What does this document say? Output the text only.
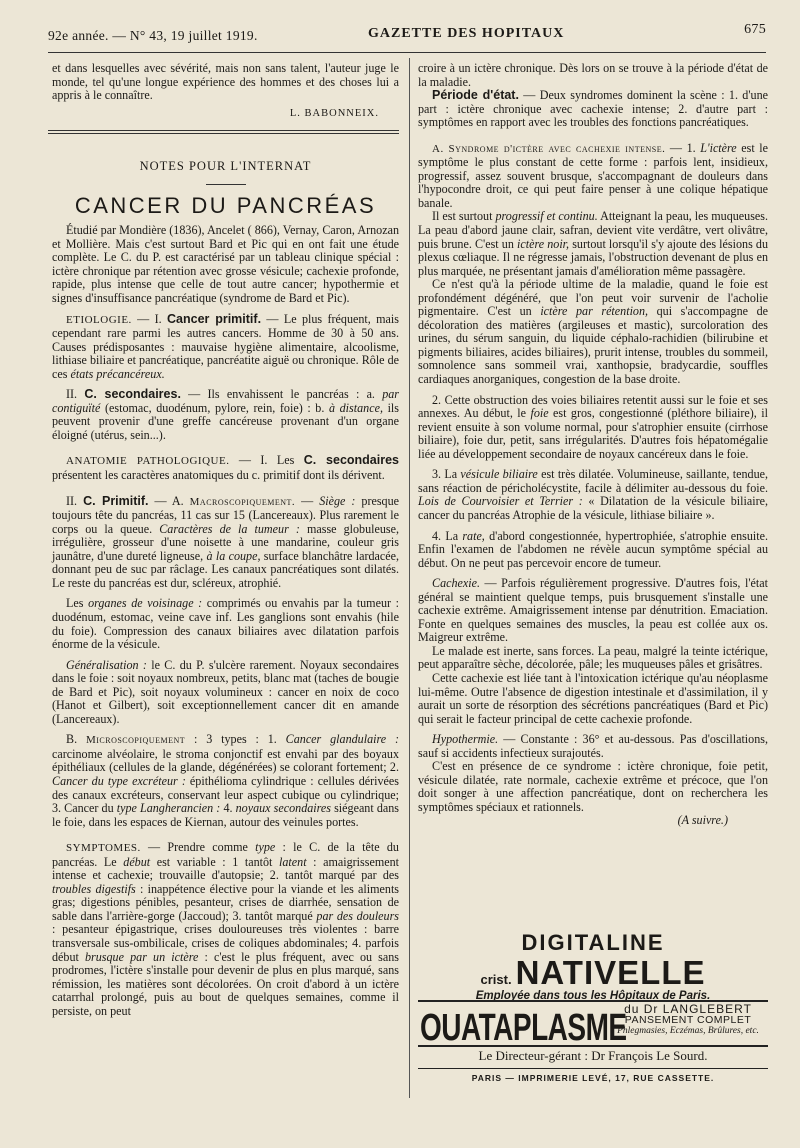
92e année. — N° 43, 19 juillet 1919.	GAZETTE DES HOPITAUX	675

et dans lesquelles avec sévérité, mais non sans talent, l'auteur juge le monde, tel qu'une longue expérience des hommes et des choses lui a appris à le connaître.

L. BABONNEIX.
NOTES POUR L'INTERNAT
CANCER DU PANCRÉAS

Étudié par Mondière (1836), Ancelet ( 866), Vernay, Caron, Arnozan et Mollière. Mais c'est surtout Bard et Pic qui en ont fait une étude complète. Le C. du P. est caractérisé par un tableau clinique spécial : ictère chronique par rétention avec grosse vésicule; cachexie profonde, rapide, plus intense que celle de tout autre cancer; hypothermie et signes d'insuffisance pancréatique (syndrome de Bard et Pic).

ETIOLOGIE. — I. Cancer primitif. — Le plus fréquent, mais cependant rare parmi les autres cancers. Homme de 30 à 50 ans. Causes prédisposantes : mauvaise hygiène alimentaire, alcoolisme, lithiase biliaire et pancréatique, pancréatite aiguë ou chronique. Rôle de ces états précancéreux.

II. C. secondaires. — Ils envahissent le pancréas : a. par contiguïté (estomac, duodénum, pylore, rein, foie) : b. à distance, ils peuvent provenir d'une greffe cancéreuse provenant d'un organe éloigné (utérus, sein...).

ANATOMIE PATHOLOGIQUE. — I. Les C. secondaires présentent les caractères anatomiques du c. primitif dont ils dérivent.

II. C. Primitif. — A. Macroscopiquement. — Siège : presque toujours tête du pancréas, 11 cas sur 15 (Lancereaux). Plus rarement le corps ou la queue. Caractères de la tumeur : masse globuleuse, irrégulière, grosseur d'une noisette à une mandarine, couleur gris jaunâtre, d'une dureté ligneuse, à la coupe, surface blanchâtre lardacée, donnant peu de suc par râclage. Les canaux pancréatiques sont dilatés. Le reste du pancréas est dur, scléreux, atrophié.

Les organes de voisinage : comprimés ou envahis par la tumeur : duodénum, estomac, veine cave inf. Les ganglions sont envahis (hile du foie). Compression des canaux biliaires avec dilatation parfois énorme de la vésicule.

Généralisation : le C. du P. s'ulcère rarement. Noyaux secondaires dans le foie : soit noyaux nombreux, petits, blanc mat (taches de bougie de Bard et Pic), soit noyaux volumineux : cancer en noix de coco (Hanot et Gilbert), soit exceptionnellement cancer dit en amande (Lancereaux).

B. Microscopiquement : 3 types : 1. Cancer glandulaire : carcinome alvéolaire, le stroma conjonctif est envahi par des boyaux épithéliaux (cellules de la glande, dégénérées) se colorant fortement; 2. Cancer du type excréteur : épithélioma cylindrique : cellules dérivées des canaux excréteurs, conservant leur aspect cubique ou cylindrique; 3. Cancer du type Langherancien : 4. noyaux secondaires siégeant dans le foie, dans les espaces de Kiernan, autour des veinules portes.

SYMPTOMES. — Prendre comme type : le C. de la tête du pancréas. Le début est variable : 1 tantôt latent : amaigrissement intense et cachexie; trouvaille d'autopsie; 2. tantôt marqué par des troubles digestifs : inappétence élective pour la viande et les aliments gras; digestions pénibles, pesanteur, crises de diarrhée, sensation de sable dans l'arrière-gorge (Jaccoud); 3. tantôt marqué par des douleurs : pesanteur épigastrique, crises douloureuses très violentes : barre transversale sus-ombilicale, crises de coliques abdominales; 4. parfois début brusque par un ictère : c'est le plus fréquent, avec ou sans prodromes, l'ictère s'installe pour devenir de plus en plus marqué, sans rémission, les matières sont décolorées. On croit d'abord à un ictère catarrhal prolongé, puis au bout de quelques semaines, comme il persiste, on peut

croire à un ictère chronique. Dès lors on se trouve à la période d'état de la maladie.

Période d'état. — Deux syndromes dominent la scène : 1. d'une part : ictère chronique avec cachexie intense; 2. d'autre part : symptômes en rapport avec les troubles des fonctions pancréatiques.

A. Syndrome d'ictère avec cachexie intense. — 1. L'ictère est le symptôme le plus constant de cette forme : parfois lent, insidieux, progressif, assez souvent brusque, s'accompagnant de douleurs dans l'hypocondre droit, ce qui peut faire penser à une colique hépatique banale.

Il est surtout progressif et continu. Atteignant la peau, les muqueuses. La peau d'abord jaune clair, safran, devient vite verdâtre, vert olivâtre, puis brune. C'est un ictère noir, surtout lorsqu'il s'y ajoute des lésions du plexus cœliaque. Il ne régresse jamais, l'obstruction devenant de plus en plus marquée, ne présentant jamais d'amélioration même passagère.

Ce n'est qu'à la période ultime de la maladie, quand le foie est profondément dégénéré, que l'on peut voir survenir de l'acholie pigmentaire. C'est un ictère par rétention, qui s'accompagne de décoloration des matières (argileuses et mastic), surcoloration des urines, du sérum sanguin, du liquide céphalo-rachidien (bilirubine et pigments biliaires, acides biliaires), prurit intense, troubles du sommeil, somnolence sans sommeil vrai, xanthopsie, bradycardie, souffles cardiaques anorganiques, congestion de la base droite.

2. Cette obstruction des voies biliaires retentit aussi sur le foie et ses annexes. Au début, le foie est gros, congestionné (pléthore biliaire), il revient ensuite à son volume normal, pour s'atrophier ensuite (cirrhose biliaire), foie dur, petit, sans irrégularités. D'autres fois hépatomégalie liée au développement secondaire de noyaux cancéreux dans le foie.

3. La vésicule biliaire est très dilatée. Volumineuse, saillante, tendue, sans réaction de péricholécystite, facile à délimiter au-dessous du foie. Lois de Courvoisier et Terrier : « Dilatation de la vésicule biliaire, cancer du pancréas Atrophie de la vésicule, lithiase biliaire ».

4. La rate, d'abord congestionnée, hypertrophiée, s'atrophie ensuite. Enfin l'examen de l'abdomen ne révèle aucun symptôme spécial au début. On ne peut pas percevoir encore de tumeur.

Cachexie. — Parfois régulièrement progressive. D'autres fois, l'état général se maintient quelque temps, puis brusquement s'installe une cachexie extrême. Amaigrissement intense par dénutrition. Emaciation. Fonte en quelques semaines des muscles, la peau est collée aux os. Maigreur extrême.

Le malade est inerte, sans forces. La peau, malgré la teinte ictérique, peut apparaître sèche, décolorée, pâle; les muqueuses pâles et grisâtres.

Cette cachexie est liée tant à l'intoxication ictérique qu'au néoplasme lui-même. Outre l'absence de digestion intestinale et d'assimilation, il y aurait un sorte de résorption des sécrétions pancréatiques (Bard et Pic) qui serait le facteur principal de cette cachexie profonde.

Hypothermie. — Constante : 36° et au-dessous. Pas d'oscillations, sauf si accidents infectieux surajoutés.

C'est en présence de ce syndrome : ictère chronique, foie petit, vésicule dilatée, rate normale, cachexie extrême et précoce, que l'on doit songer à une affection pancréatique, dont on recherchera les symptômes spéciaux et rationnels.

(A suivre.)
DIGITALINE
crist. NATIVELLE
Employée dans tous les Hôpitaux de Paris.
OUATAPLASME
du Dr LANGLEBERT
PANSEMENT COMPLET
Phlegmasies, Eczémas, Brûlures, etc.
Le Directeur-gérant : Dr François Le Sourd.
PARIS — IMPRIMERIE LEVÉ, 17, RUE CASSETTE.
